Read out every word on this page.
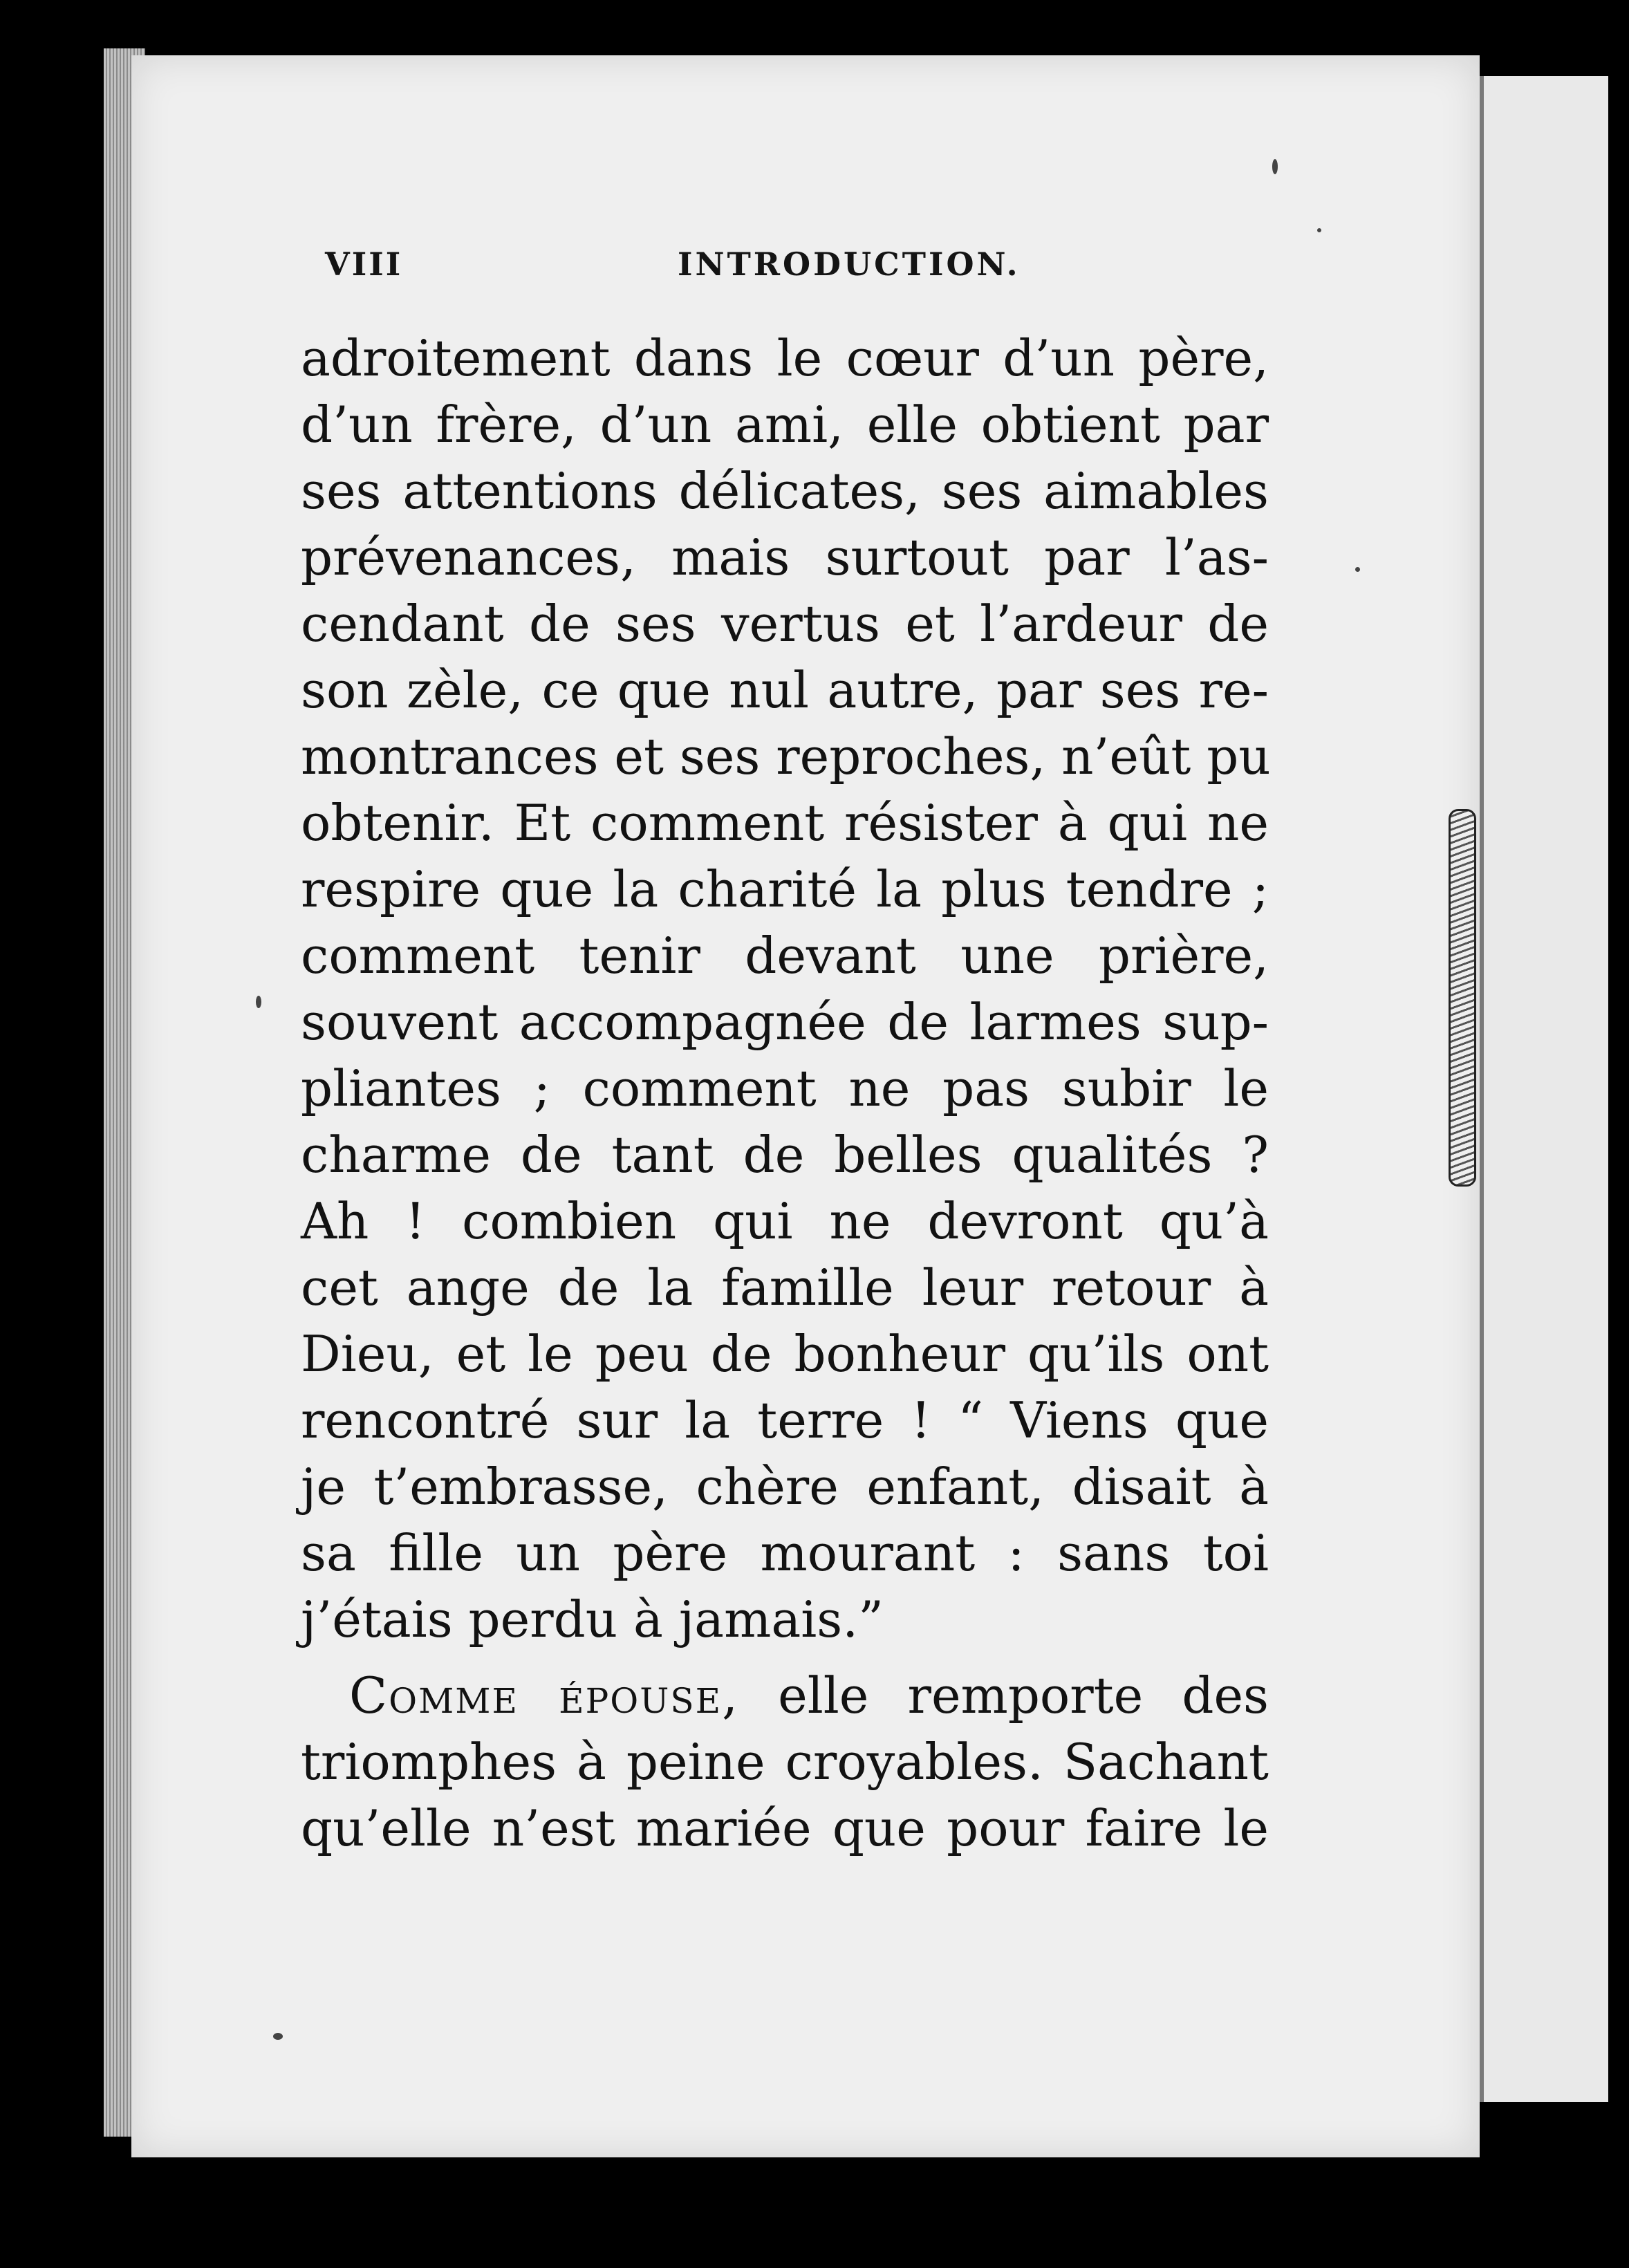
VIII	INTRODUCTION.
adroitement dans le cœur d’un père,
d’un frère, d’un ami, elle obtient par
ses attentions délicates, ses aimables
prévenances, mais surtout par l’as-
cendant de ses vertus et l’ardeur de
son zèle, ce que nul autre, par ses re-
montrances et ses reproches, n’eût pu
obtenir. Et comment résister à qui ne
respire que la charité la plus tendre ;
comment tenir devant une prière,
souvent accompagnée de larmes sup-
pliantes ; comment ne pas subir le
charme de tant de belles qualités ?
Ah ! combien qui ne devront qu’à
cet ange de la famille leur retour à
Dieu, et le peu de bonheur qu’ils ont
rencontré sur la terre ! “ Viens que
je t’embrasse, chère enfant, disait à
sa fille un père mourant : sans toi
j’étais perdu à jamais.”
Comme épouse, elle remporte des
triomphes à peine croyables. Sachant
qu’elle n’est mariée que pour faire le
